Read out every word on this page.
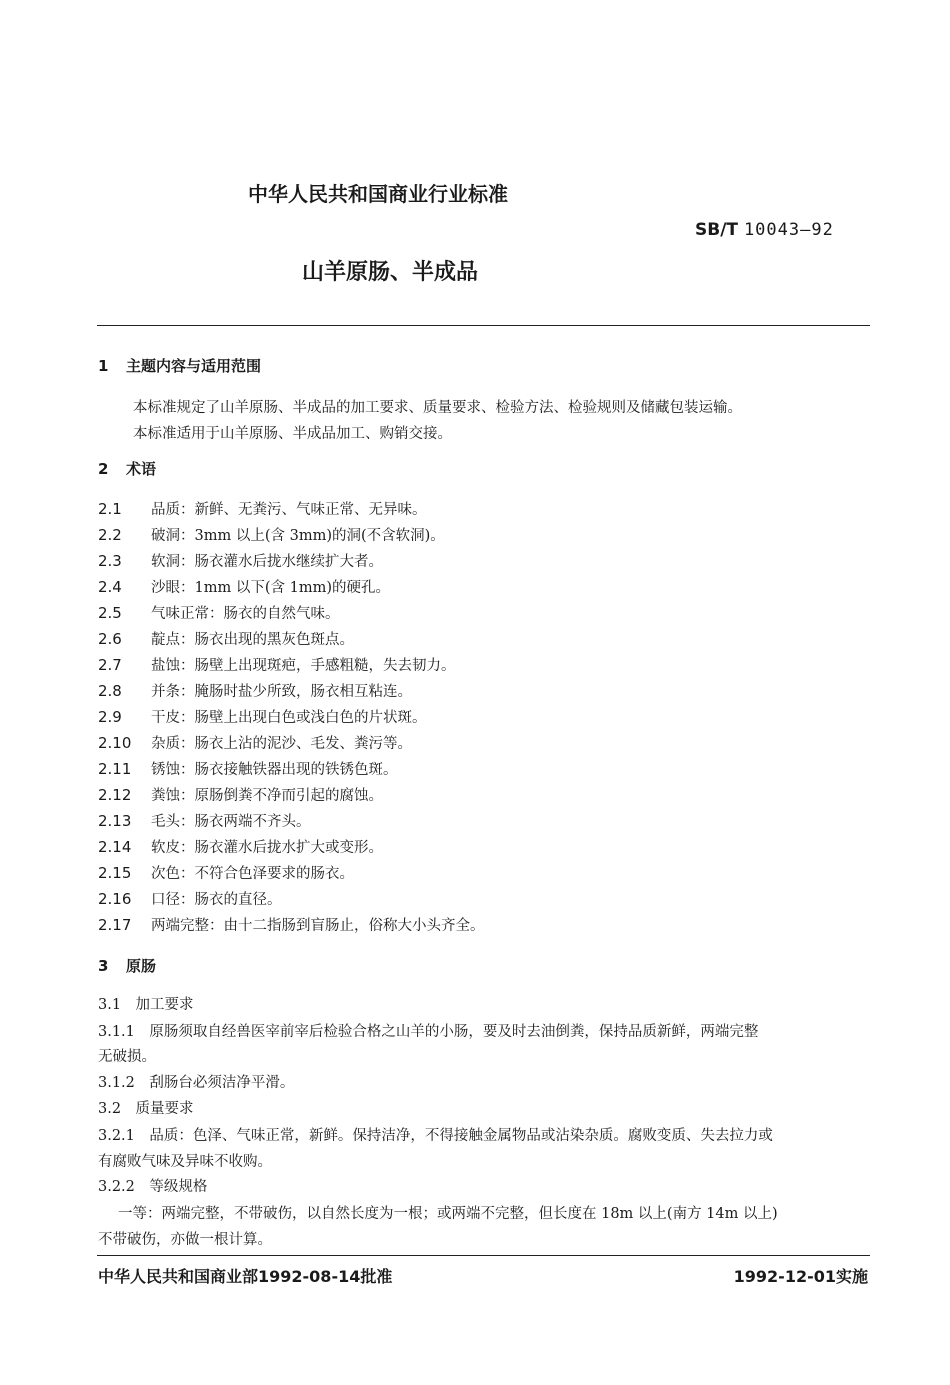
中华人民共和国商业行业标准
SB/T 10043—92
山羊原肠、半成品
1 主题内容与适用范围
本标准规定了山羊原肠、半成品的加工要求、质量要求、检验方法、检验规则及储藏包装运输。
本标准适用于山羊原肠、半成品加工、购销交接。
2 术语
2.1 品质：新鲜、无粪污、气味正常、无异味。
2.2 破洞：3mm 以上(含 3mm)的洞(不含软洞)。
2.3 软洞：肠衣灌水后拢水继续扩大者。
2.4 沙眼：1mm 以下(含 1mm)的硬孔。
2.5 气味正常：肠衣的自然气味。
2.6 靛点：肠衣出现的黑灰色斑点。
2.7 盐蚀：肠壁上出现斑疤，手感粗糙，失去韧力。
2.8 并条：腌肠时盐少所致，肠衣相互粘连。
2.9 干皮：肠壁上出现白色或浅白色的片状斑。
2.10 杂质：肠衣上沾的泥沙、毛发、粪污等。
2.11 锈蚀：肠衣接触铁器出现的铁锈色斑。
2.12 粪蚀：原肠倒粪不净而引起的腐蚀。
2.13 毛头：肠衣两端不齐头。
2.14 软皮：肠衣灌水后拢水扩大或变形。
2.15 次色：不符合色泽要求的肠衣。
2.16 口径：肠衣的直径。
2.17 两端完整：由十二指肠到盲肠止，俗称大小头齐全。
3 原肠
3.1　加工要求
3.1.1　原肠须取自经兽医宰前宰后检验合格之山羊的小肠，要及时去油倒粪，保持品质新鲜，两端完整
无破损。
3.1.2　刮肠台必须洁净平滑。
3.2　质量要求
3.2.1　品质：色泽、气味正常，新鲜。保持洁净，不得接触金属物品或沾染杂质。腐败变质、失去拉力或
有腐败气味及异味不收购。
3.2.2　等级规格
一等：两端完整，不带破伤，以自然长度为一根；或两端不完整，但长度在 18m 以上(南方 14m 以上)
不带破伤，亦做一根计算。
中华人民共和国商业部1992-08-14批准	1992-12-01实施
